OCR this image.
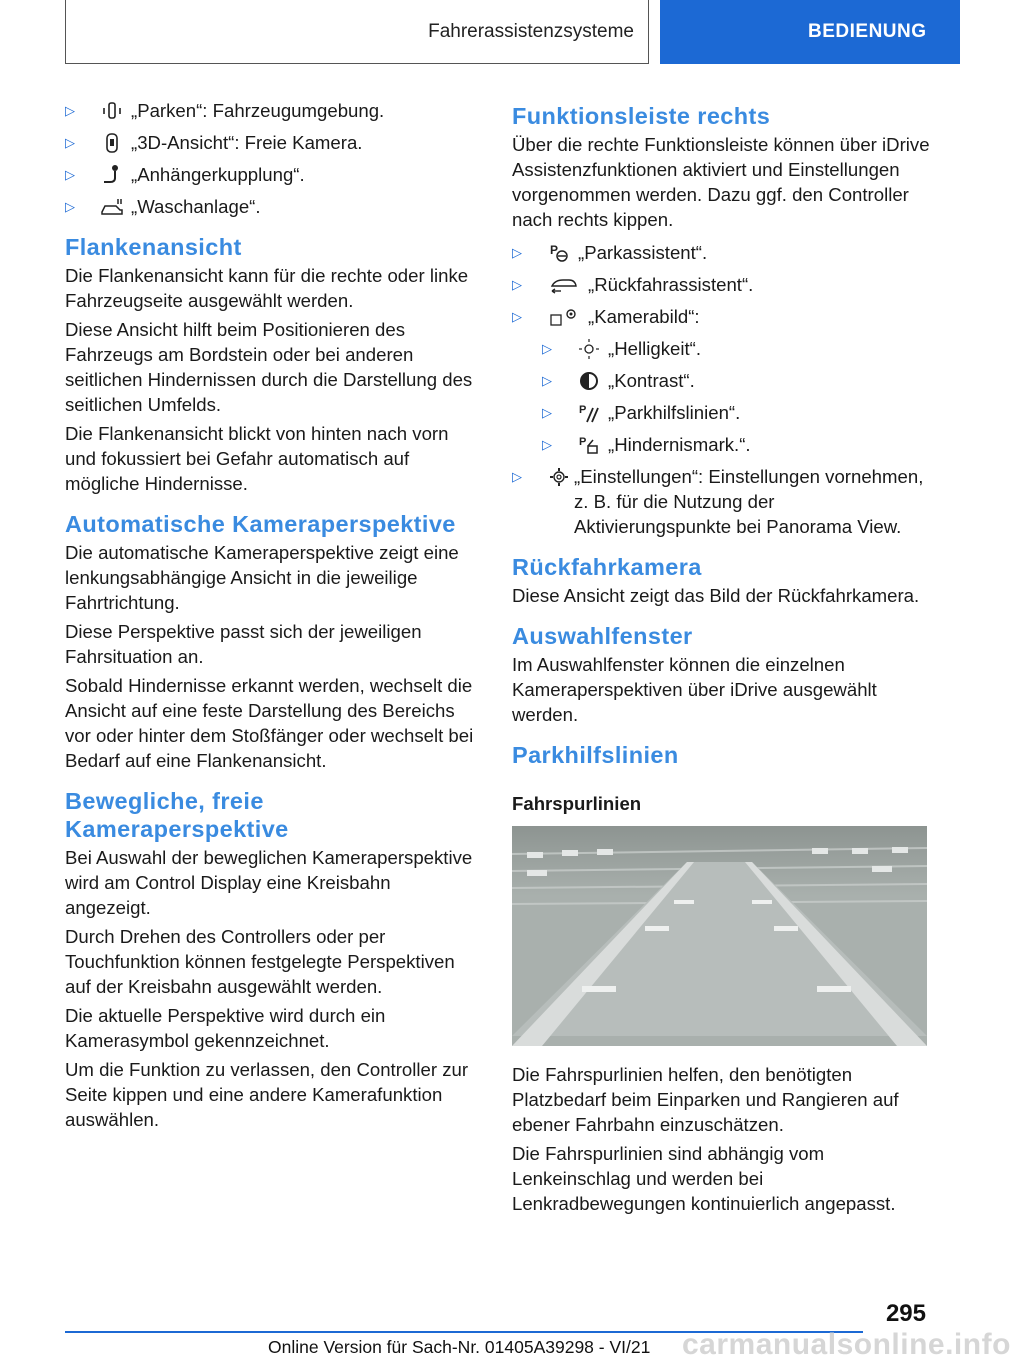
Fahrerassistenzsysteme	BEDIENUNG
▷	„Parken“: Fahrzeugumgebung.
▷	„3D-Ansicht“: Freie Kamera.
▷	„Anhängerkupplung“.
▷	„Waschanlage“.
Flankenansicht

Die Flankenansicht kann für die rechte oder linke Fahrzeugseite ausgewählt werden.

Diese Ansicht hilft beim Positionieren des Fahrzeugs am Bordstein oder bei anderen seitlichen Hindernissen durch die Darstellung des seitlichen Umfelds.

Die Flankenansicht blickt von hinten nach vorn und fokussiert bei Gefahr automatisch auf mögliche Hindernisse.

Automatische Kameraperspektive

Die automatische Kameraperspektive zeigt eine lenkungsabhängige Ansicht in die jeweilige Fahrtrichtung.

Diese Perspektive passt sich der jeweiligen Fahrsituation an.

Sobald Hindernisse erkannt werden, wechselt die Ansicht auf eine feste Darstellung des Bereichs vor oder hinter dem Stoßfänger oder wechselt bei Bedarf auf eine Flankenansicht.

Bewegliche, freie Kameraperspektive

Bei Auswahl der beweglichen Kameraperspektive wird am Control Display eine Kreisbahn angezeigt.

Durch Drehen des Controllers oder per Touchfunktion können festgelegte Perspektiven auf der Kreisbahn ausgewählt werden.

Die aktuelle Perspektive wird durch ein Kamerasymbol gekennzeichnet.

Um die Funktion zu verlassen, den Controller zur Seite kippen und eine andere Kamerafunktion auswählen.

Funktionsleiste rechts

Über die rechte Funktionsleiste können über iDrive Assistenzfunktionen aktiviert und Einstellungen vorgenommen werden. Dazu ggf. den Controller nach rechts kippen.

▷	P „Parkassistent“.
▷	„Rückfahrassistent“.
▷	„Kamerabild“:
▷	„Helligkeit“.
▷	„Kontrast“.
▷	P „Parkhilfslinien“.
▷	P „Hindernismark.“.
▷	„Einstellungen“: Einstellungen vornehmen, z. B. für die Nutzung der Aktivierungspunkte bei Panorama View.
Rückfahrkamera

Diese Ansicht zeigt das Bild der Rückfahrkamera.

Auswahlfenster

Im Auswahlfenster können die einzelnen Kameraperspektiven über iDrive ausgewählt werden.

Parkhilfslinien
Fahrspurlinien

Die Fahrspurlinien helfen, den benötigten Platzbedarf beim Einparken und Rangieren auf ebener Fahrbahn einzuschätzen.

Die Fahrspurlinien sind abhängig vom Lenkeinschlag und werden bei Lenkradbewegungen kontinuierlich angepasst.

295
Online Version für Sach-Nr. 01405A39298 - VI/21 carmanualsonline.info
